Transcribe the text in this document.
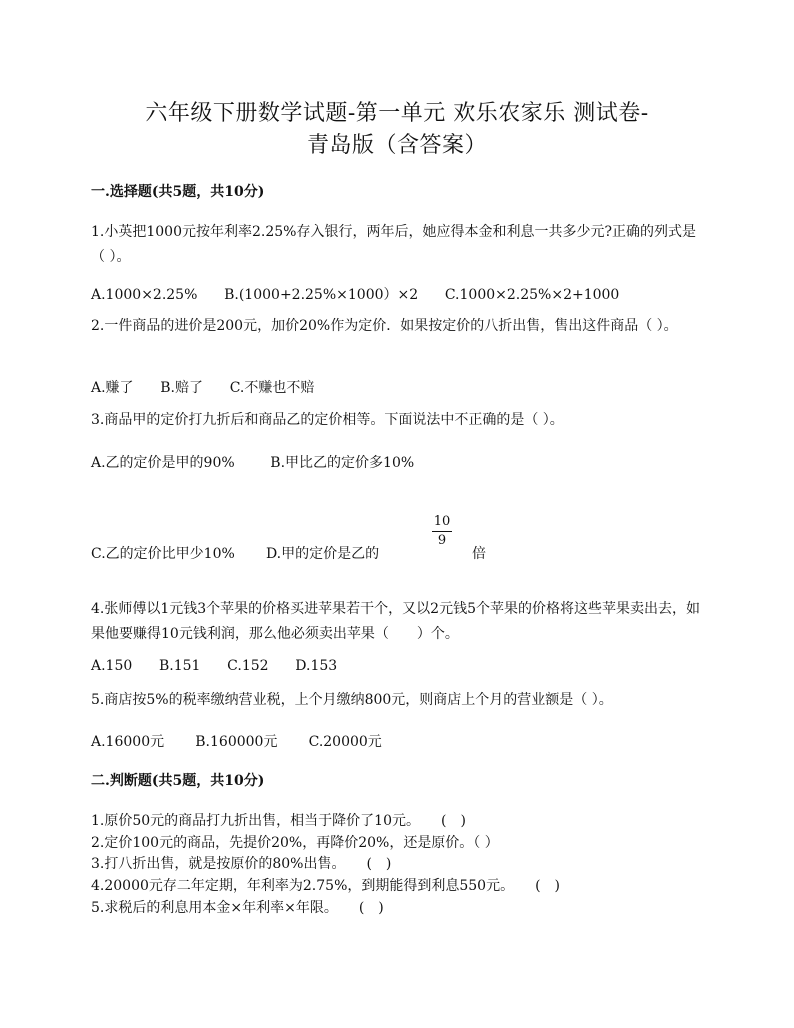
六年级下册数学试题-第一单元 欢乐农家乐 测试卷-
青岛版（含答案）
一.选择题(共5题，共10分)
1.小英把1000元按年利率2.25%存入银行，两年后，她应得本金和利息一共多少元?正确的列式是（ ）。
A.1000×2.25% B.(1000+2.25%×1000）×2 C.1000×2.25%×2+1000
2.一件商品的进价是200元，加价20%作为定价．如果按定价的八折出售，售出这件商品（ ）。
A.赚了 B.赔了 C.不赚也不赔
3.商品甲的定价打九折后和商品乙的定价相等。下面说法中不正确的是（ ）。
A.乙的定价是甲的90%	B.甲比乙的定价多10%
C.乙的定价比甲少10% D.甲的定价是乙的
10
9
倍
4.张师傅以1元钱3个苹果的价格买进苹果若干个，又以2元钱5个苹果的价格将这些苹果卖出去，如果他要赚得10元钱利润，那么他必须卖出苹果（　　）个。
A.150 B.151 C.152 D.153
5.商店按5%的税率缴纳营业税，上个月缴纳800元，则商店上个月的营业额是（ ）。
A.16000元 B.160000元 C.20000元
二.判断题(共5题，共10分)
1.原价50元的商品打九折出售，相当于降价了10元。　　(　)
2.定价100元的商品，先提价20%，再降价20%，还是原价。（ ）
3.打八折出售，就是按原价的80%出售。　　(　)
4.20000元存二年定期，年利率为2.75%，到期能得到利息550元。　　(　)
5.求税后的利息用本金×年利率×年限。　　(　)
